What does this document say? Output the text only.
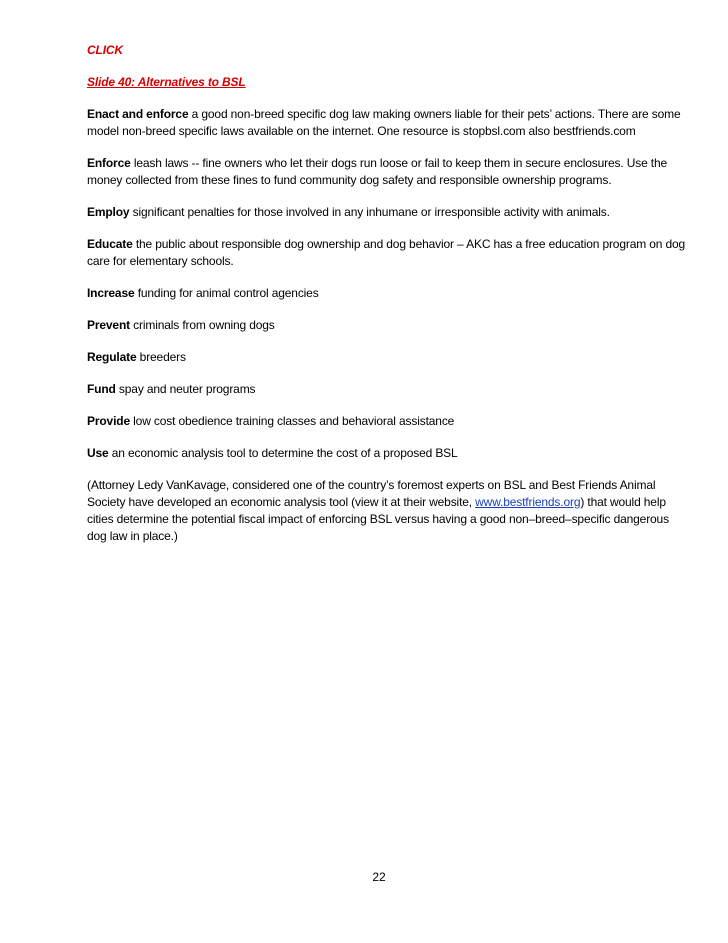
CLICK
Slide 40: Alternatives to BSL
Enact and enforce a good non-breed specific dog law making owners liable for their pets’ actions. There are some model non-breed specific laws available on the internet. One resource is stopbsl.com also bestfriends.com
Enforce leash laws -- fine owners who let their dogs run loose or fail to keep them in secure enclosures. Use the money collected from these fines to fund community dog safety and responsible ownership programs.
Employ significant penalties for those involved in any inhumane or irresponsible activity with animals.
Educate the public about responsible dog ownership and dog behavior – AKC has a free education program on dog care for elementary schools.
Increase funding for animal control agencies
Prevent criminals from owning dogs
Regulate breeders
Fund spay and neuter programs
Provide low cost obedience training classes and behavioral assistance
Use an economic analysis tool to determine the cost of a proposed BSL
(Attorney Ledy VanKavage, considered one of the country’s foremost experts on BSL and Best Friends Animal Society have developed an economic analysis tool (view it at their website, www.bestfriends.org) that would help cities determine the potential fiscal impact of enforcing BSL versus having a good non–breed–specific dangerous dog law in place.)
22
